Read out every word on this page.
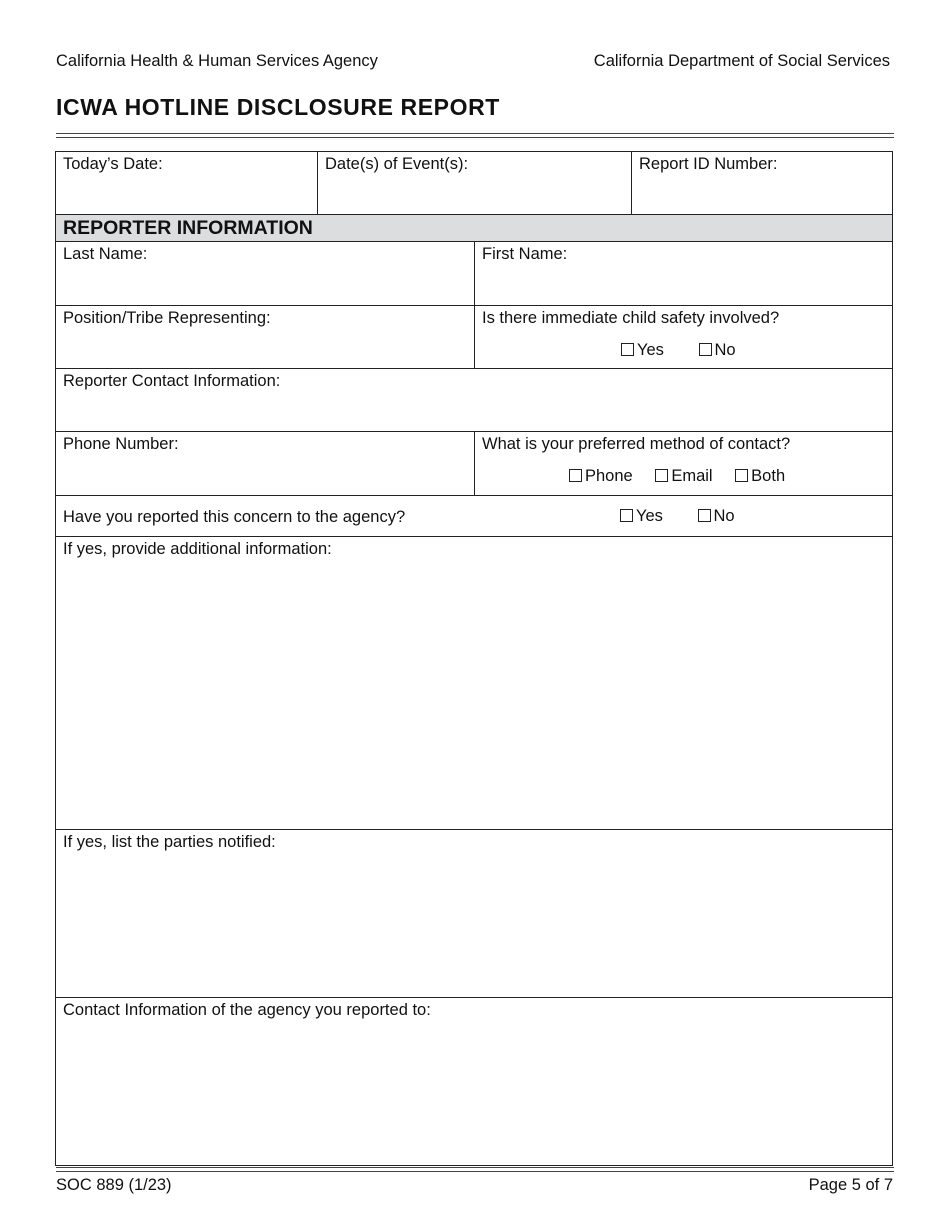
California Health & Human Services Agency	California Department of Social Services
ICWA HOTLINE DISCLOSURE REPORT
Today’s Date:	Date(s) of Event(s):	Report ID Number:
REPORTER INFORMATION
Last Name:	First Name:
Position/Tribe Representing:	Is there immediate child safety involved?
Yes	No
Reporter Contact Information:
Phone Number:	What is your preferred method of contact?
Phone Email Both
Have you reported this concern to the agency?	Yes	No
If yes, provide additional information:
If yes, list the parties notified:
Contact Information of the agency you reported to:
SOC 889 (1/23)	Page 5 of 7
